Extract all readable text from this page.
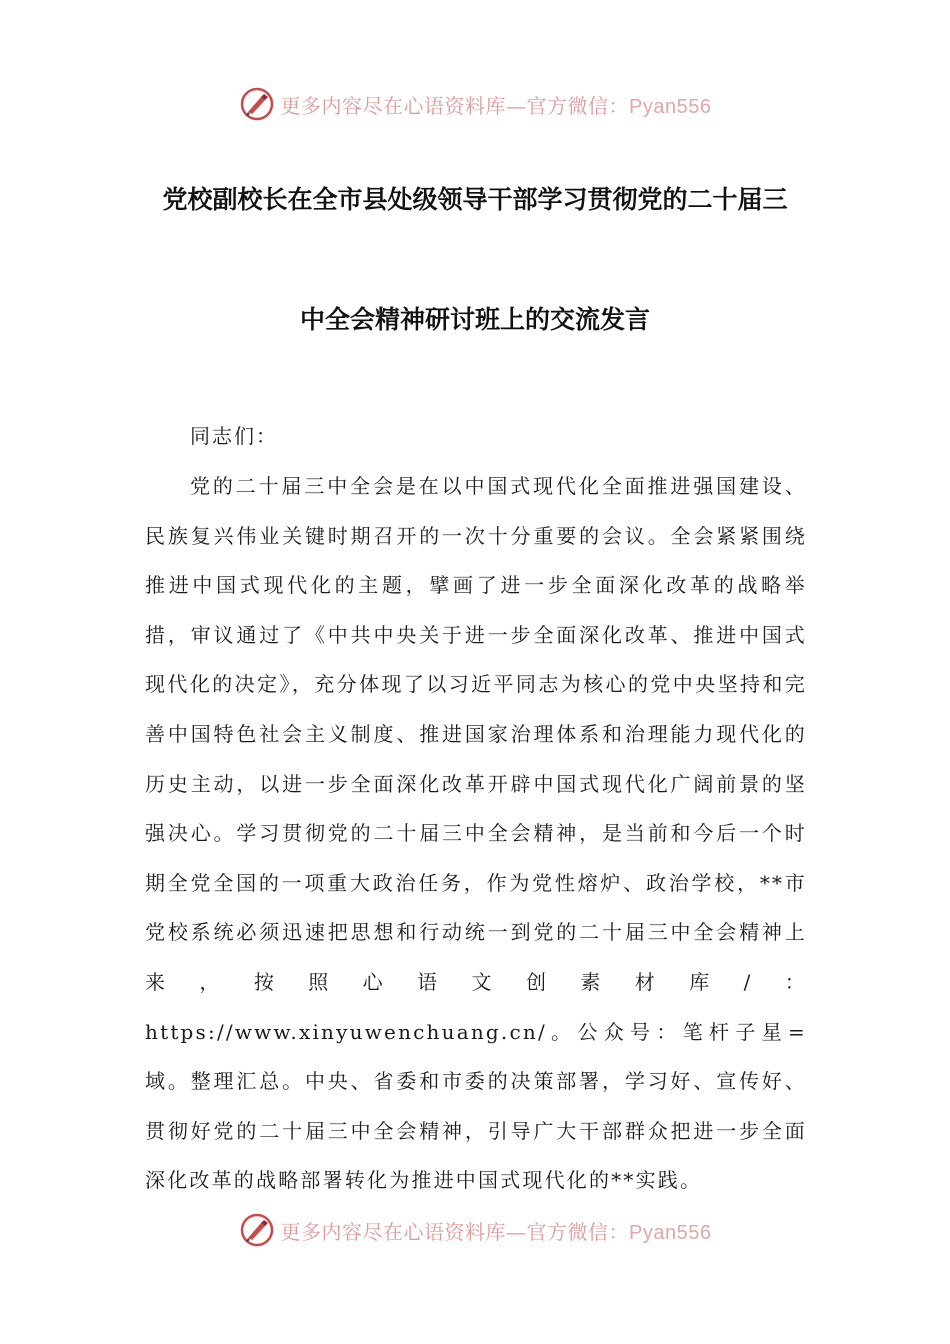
更多内容尽在心语资料库—官方微信：Pyan556
党校副校长在全市县处级领导干部学习贯彻党的二十届三
中全会精神研讨班上的交流发言
同志们：

党的二十届三中全会是在以中国式现代化全面推进强国建设、民族复兴伟业关键时期召开的一次十分重要的会议。全会紧紧围绕推进中国式现代化的主题，擘画了进一步全面深化改革的战略举措，审议通过了《中共中央关于进一步全面深化改革、推进中国式现代化的决定》，充分体现了以习近平同志为核心的党中央坚持和完善中国特色社会主义制度、推进国家治理体系和治理能力现代化的历史主动，以进一步全面深化改革开辟中国式现代化广阔前景的坚强决心。学习贯彻党的二十届三中全会精神，是当前和今后一个时期全党全国的一项重大政治任务，作为党性熔炉、政治学校，**市党校系统必须迅速把思想和行动统一到党的二十届三中全会精神上来，按照心语文创素材库/：https://www.xinyuwenchuang.cn/。公众号：笔杆子星=域。整理汇总。中央、省委和市委的决策部署，学习好、宣传好、贯彻好党的二十届三中全会精神，引导广大干部群众把进一步全面深化改革的战略部署转化为推进中国式现代化的**实践。

更多内容尽在心语资料库—官方微信：Pyan556
